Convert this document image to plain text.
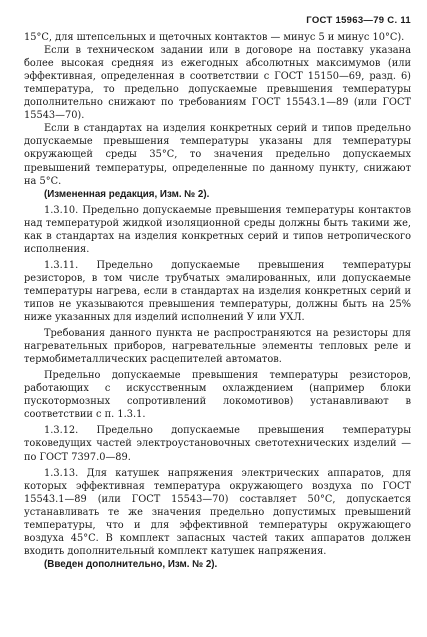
ГОСТ 15963—79 С. 11

15°С, для штепсельных и щеточных контактов — минус 5 и минус 10°С).

Если в техническом задании или в договоре на поставку указана более высокая средняя из ежегодных абсолютных максимумов (или эффективная, определенная в соответствии с ГОСТ 15150—69, разд. 6) температура, то предельно допускаемые превышения температуры дополнительно снижают по требованиям ГОСТ 15543.1—89 (или ГОСТ 15543—70).

Если в стандартах на изделия конкретных серий и типов предельно допускаемые превышения температуры указаны для температуры окружающей среды 35°С, то значения предельно допускаемых превышений температуры, определенные по данному пункту, снижают на 5°С.

(Измененная редакция, Изм. № 2).

1.3.10. Предельно допускаемые превышения температуры контактов над температурой жидкой изоляционной среды должны быть такими же, как в стандартах на изделия конкретных серий и типов нетропического исполнения.

1.3.11. Предельно допускаемые превышения температуры резисторов, в том числе трубчатых эмалированных, или допускаемые температуры нагрева, если в стандартах на изделия конкретных серий и типов не указываются превышения температуры, должны быть на 25% ниже указанных для изделий исполнений У или УХЛ.

Требования данного пункта не распространяются на резисторы для нагревательных приборов, нагревательные элементы тепловых реле и термобиметаллических расцепителей автоматов.

Предельно допускаемые превышения температуры резисторов, работающих с искусственным охлаждением (например блоки пускотормозных сопротивлений локомотивов) устанавливают в соответствии с п. 1.3.1.

1.3.12. Предельно допускаемые превышения температуры токоведущих частей электроустановочных светотехнических изделий — по ГОСТ 7397.0—89.

1.3.13. Для катушек напряжения электрических аппаратов, для которых эффективная температура окружающего воздуха по ГОСТ 15543.1—89 (или ГОСТ 15543—70) составляет 50°С, допускается устанавливать те же значения предельно допустимых превышений температуры, что и для эффективной температуры окружающего воздуха 45°С. В комплект запасных частей таких аппаратов должен входить дополнительный комплект катушек напряжения.

(Введен дополнительно, Изм. № 2).
